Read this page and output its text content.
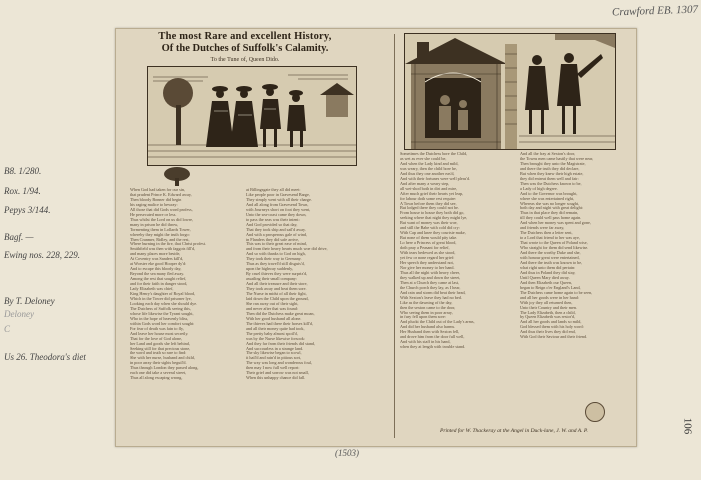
Crawford EB. 1307
B8. 1/280.
Rox. 1/94.
Pepys 3/144.
Bagf. —
Ewing nos. 228, 229.
By T. Deloney
Deloney
C
Us 26. Theodora's diet
The most Rare and excellent History,
Of the Dutches of Suffolk's Calamity.
To the Tune of, Queen Dido.
When God had taken for our sin,
that prudent Prince K. Edward away,
Then bloody Bonner did begin
his raging malice to bewray:
All those that did Gods word profess,
He persecuted more or less.
Thus whilst the Lord on us did lowre,
many in prison he did throw,
Tormenting them in Lollards Tower,
whereby they might the truth forgo:
Then Cranmer, Ridley, and the rest,
Where burning in the fire, that Christ profest.
Smithfield was then with faggots fill'd,
and many places more beside,
At Coventry was Sanders kill'd,
at Worster eke good Hooper dy'd:
And to escape this bloody day,
Beyond the sea many fled away.
Among the rest that sought relief,
and for their faith in danger stood,
Lady Elizabeth was chief,
King Henry's daughter of Royal blood,
Which in the Tower did prisoner lye,
Looking each day when she should dye.
The Dutchess of Suffolk seeing this,
whose life likewise the Tyrant sought,
Who in the hope of heavenly bliss,
within Gods word her comfort sought:
For fear of death was fain to fly,
And leave her house most secretly.
That for the love of God alone,
her Land and goods she left behind,
Seeking still for that precious stone,
the word and truth so rare to find:
She with her nurse, husband and child,
in poor array their sights beguil'd.
Thus through London they passed along,
each one did take a several street,
Thus all along escaping wrong,
at Billingsgate they all did meet:
Like people poor in Gravesend Barge,
They simply went with all their charge.
And all along from Gravesend Town,
with Journeys short on foot they went,
Unto the sea-coast came they down,
to pass the seas was their intent:
And God provided so that day,
That they took ship and sail'd away.
And with a prosperous gale of wind,
in Flanders they did safe arrive,
This was to their great ease of mind,
and from their heavy hearts much woe did drive,
And so with thanks to God on high,
They took their way to Germany.
Thus as they travel'd still disguis'd,
upon the highway suddenly,
By cruel thieves they were surpriz'd,
assailing their small company:
And all their treasure and their store,
They took away and beat them sore.
The Nurse in midst of all their fight,
laid down the Child upon the ground,
She ran away out of their sight,
and never after that was found:
Then did the Dutchess make great moan,
With her good husband all alone.
The thieves had there their horses kill'd,
and all their money quite had took,
The pretty baby almost spoil'd,
was by the Nurse likewise forsook:
And they far from their friends did stand,
And succourless in a strange land.
The sky likewise began to scowl,
it hail'd and rain'd in pitious sort,
The way was long and wonderous foul,
then may I now full well report:
Their grief and sorrow was not small,
When this unhappy chance did fall.
Sometimes the Dutchess bore the Child,
as wet as ever she could be,
And when the Lady kind and mild,
was weary, then the child bore he,
And thus they one another eas'd,
And with their fortunes were well pleas'd.
And after many a weary step,
all wet-shod both in dirt and mire,
After much grief their hearts yet leap,
for labour doth some rest require:
A Town before them they did see,
But lodged there they could not be.
From house to house they both did go,
seeking where that night they might lye,
But want of money was their woe,
and still the Babe with cold did cry:
With Cap and knee they courtsie make,
But none of them would pity take.
Lo here a Princess of great blood,
doth pray a Peasant for relief,
With tears bedewed as she stood,
yet few or none regard her grief:
Her speech they understand not,
Nor give her money to her hand.
Thus all the night with heavy cheer,
they walked up and down the street,
Then at a Church they came at last,
the Church porch they lay, as I hear,
And rain and storm did beat their head,
With Sexton's leave they had no bed.
Like as the dawning of the day,
then the sexton came to the door,
Who seeing them in poor array,
in fury fell upon them sore:
And pluckt the Child out of the Lady's arms,
And did her husband also harms.
Her Husband then with Sexton fell,
and drove him from the door full well,
And with his staff in his hand,
when they at length with trouble stand.
And all the fray at Sexton's door,
the Towns men came hastily that were near,
Then brought they unto the Magistrate,
and there the truth they did declare,
But when they knew their high estate,
they did entreat them well and fair:
Then was the Dutchess known to be,
a Lady of high degree.
And to the Governor was brought,
where she was entertained right,
Whereas she was no longer sought,
both day and night with great delight:
Thus in that place they did remain,
till they could well pass home again.
And when her money was spent and gone,
and friends were far away,
The Dutchess then a letter sent,
to a Lord that friend to her was aye,
That wrote to the Queen of Poland wise,
Who straight for them did send likewise.
And there the worthy Duke and she,
with honour great were entertained,
And there the truth was known to be,
what right unto them did pertain:
And thus in Poland they did stay,
Until Queen Mary died away.
And then Elizabeth our Queen,
began to Reign o'er England's Land,
The Dutchess came home again to be seen,
and all her goods were in her hand:
With joy they all returned then,
Unto their Country and their men.
The Lady Elizabeth, then a child,
by Queen Elizabeth was restor'd,
And all her goods and lands so mild,
God blessed them with his holy word:
And thus their lives they did end,
With God their Saviour and their friend.
Printed for W. Thackeray at the Angel in Duck-lane, J. W. and A. P.
(1503)
106
